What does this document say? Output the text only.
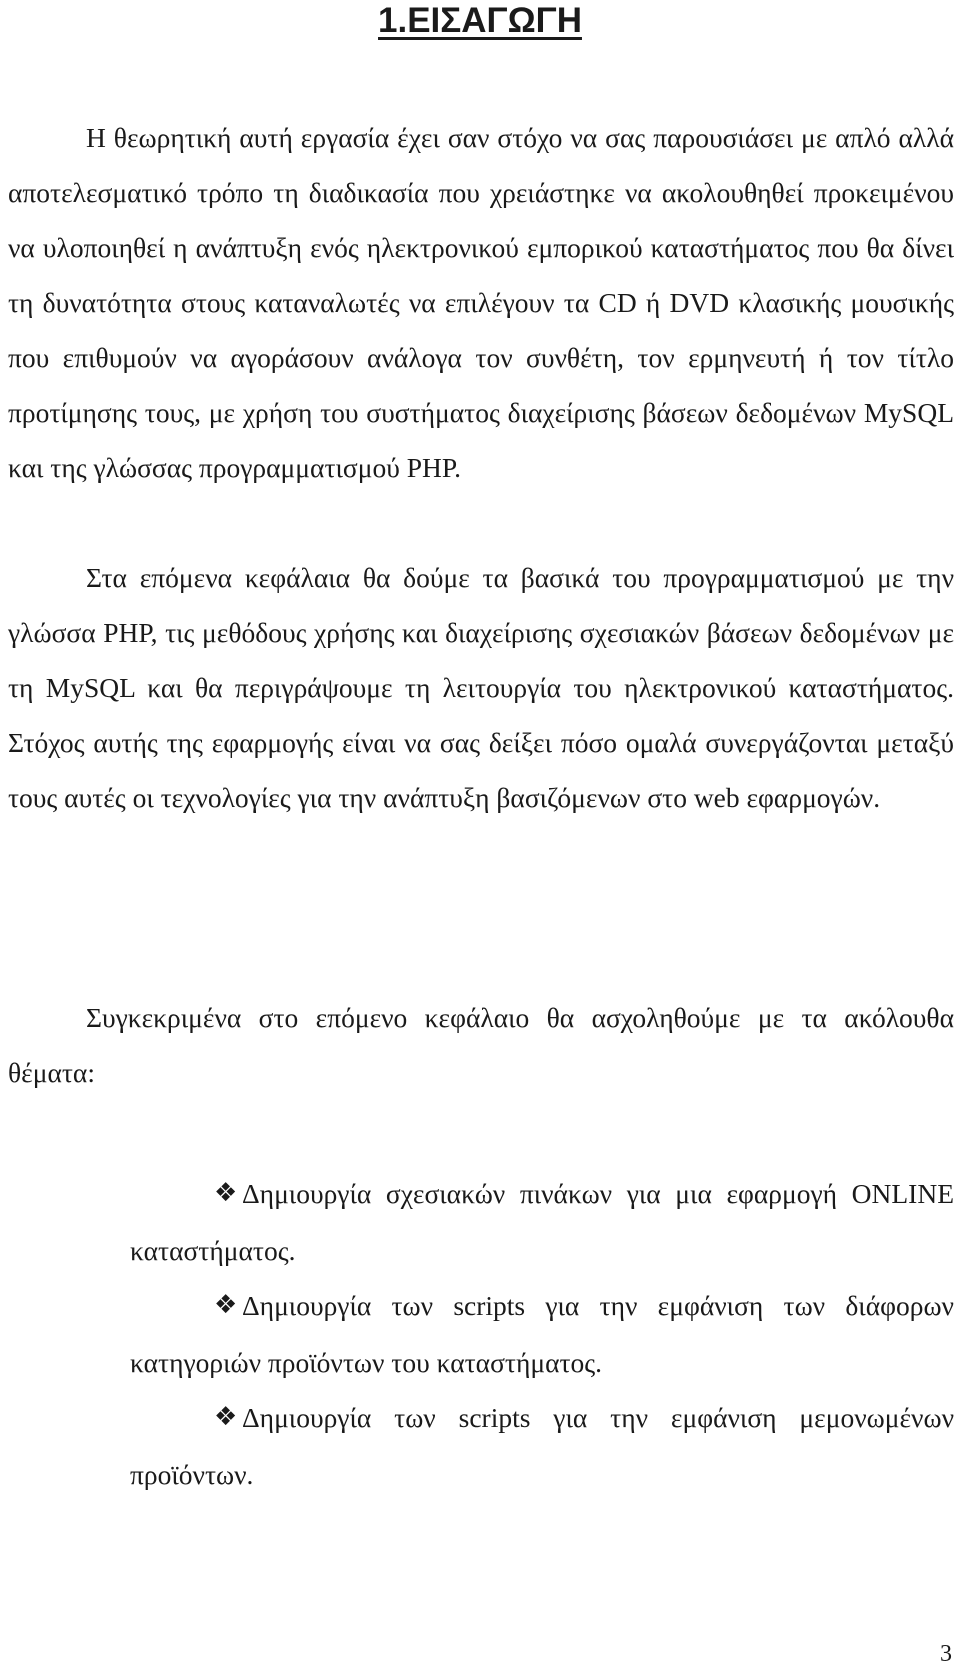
1.ΕΙΣΑΓΩΓΗ

Η θεωρητική αυτή εργασία έχει σαν στόχο να σας παρουσιάσει με απλό αλλά αποτελεσματικό τρόπο τη διαδικασία που χρειάστηκε να ακολουθηθεί προκειμένου να υλοποιηθεί η ανάπτυξη ενός ηλεκτρονικού εμπορικού καταστήματος που θα δίνει τη δυνατότητα στους καταναλωτές να επιλέγουν τα CD ή DVD κλασικής μουσικής που επιθυμούν να αγοράσουν ανάλογα τον συνθέτη, τον ερμηνευτή ή τον τίτλο προτίμησης τους, με χρήση του συστήματος διαχείρισης βάσεων δεδομένων MySQL και της γλώσσας προγραμματισμού PHP.

Στα επόμενα κεφάλαια θα δούμε τα βασικά του προγραμματισμού με την γλώσσα PHP, τις μεθόδους χρήσης και διαχείρισης σχεσιακών βάσεων δεδομένων με τη MySQL και θα περιγράψουμε τη λειτουργία του ηλεκτρονικού καταστήματος. Στόχος αυτής της εφαρμογής είναι να σας δείξει πόσο ομαλά συνεργάζονται μεταξύ τους αυτές οι τεχνολογίες για την ανάπτυξη βασιζόμενων στο web εφαρμογών.

Συγκεκριμένα στο επόμενο κεφάλαιο θα ασχοληθούμε με τα ακόλουθα θέματα:

❖ Δημιουργία σχεσιακών πινάκων για μια εφαρμογή ONLINE καταστήματος.
❖ Δημιουργία των scripts για την εμφάνιση των διάφορων κατηγοριών προϊόντων του καταστήματος.
❖ Δημιουργία των scripts για την εμφάνιση μεμονωμένων προϊόντων.

3
